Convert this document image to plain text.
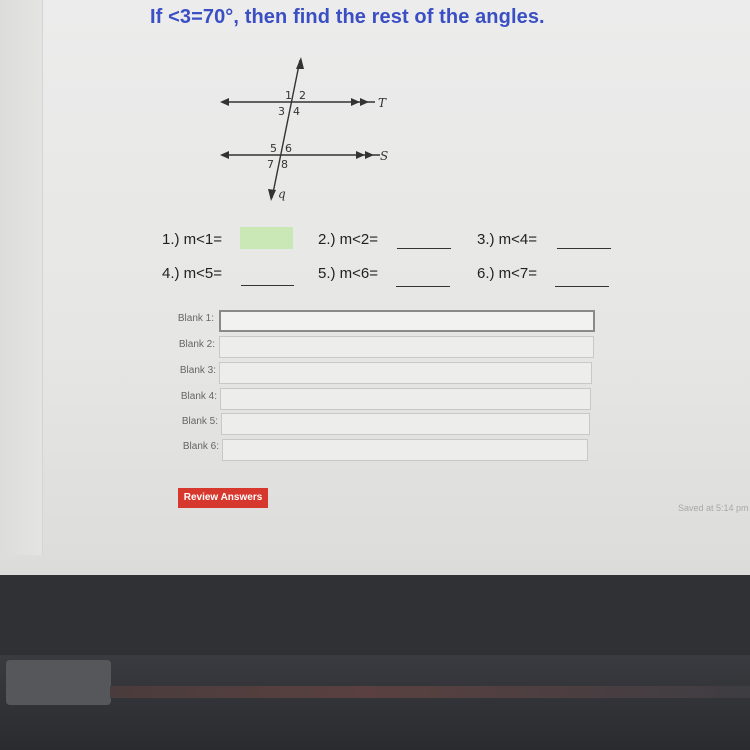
If <3=70°, then find the rest of the angles.
T
S
q
1 2
3 4
5 6
7 8
1.) m<1=	2.) m<2=	3.) m<4=
4.) m<5=	5.) m<6=	6.) m<7=
Blank 1:
Blank 2:
Blank 3:
Blank 4:
Blank 5:
Blank 6:
Review Answers
Saved at 5:14 pm
